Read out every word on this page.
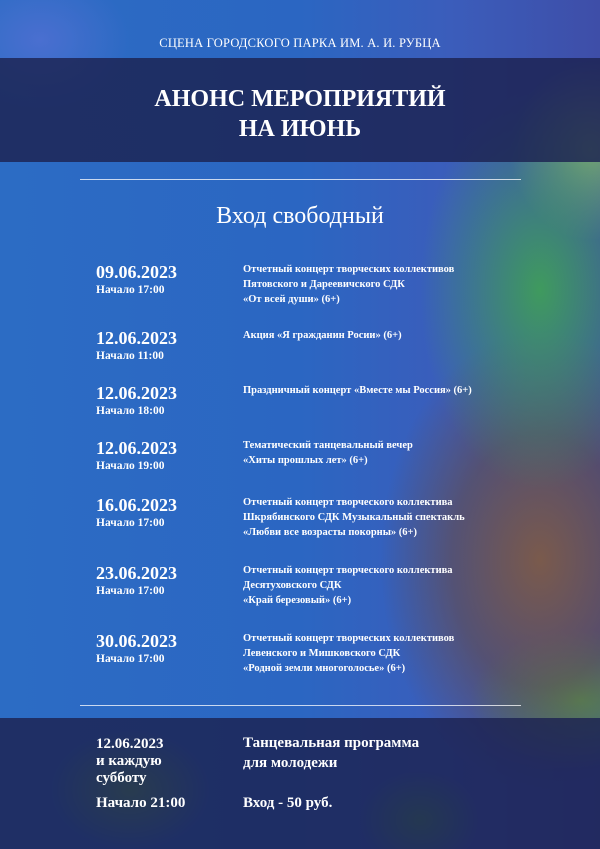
СЦЕНА ГОРОДСКОГО ПАРКА ИМ. А. И. РУБЦА
АНОНС МЕРОПРИЯТИЙ
НА ИЮНЬ
Вход свободный
09.06.2023
Начало 17:00
Отчетный концерт творческих коллективов
Пятовского и Дареевичского СДК
«От всей души» (6+)
12.06.2023
Начало 11:00
Акция «Я гражданин Росии» (6+)
12.06.2023
Начало 18:00
Праздничный концерт «Вместе мы Россия» (6+)
12.06.2023
Начало 19:00
Тематический танцевальный вечер
«Хиты прошлых лет» (6+)
16.06.2023
Начало 17:00
Отчетный концерт творческого коллектива
Шкрябинского СДК Музыкальный спектакль
«Любви все возрасты покорны» (6+)
23.06.2023
Начало 17:00
Отчетный концерт творческого коллектива
Десятуховского СДК
«Край березовый» (6+)
30.06.2023
Начало 17:00
Отчетный концерт творческих коллективов
Левенского и Мишковского СДК
«Родной земли многоголосье» (6+)
12.06.2023
и каждую
субботу
Начало 21:00
Танцевальная программа
для молодежи
Вход - 50 руб.
